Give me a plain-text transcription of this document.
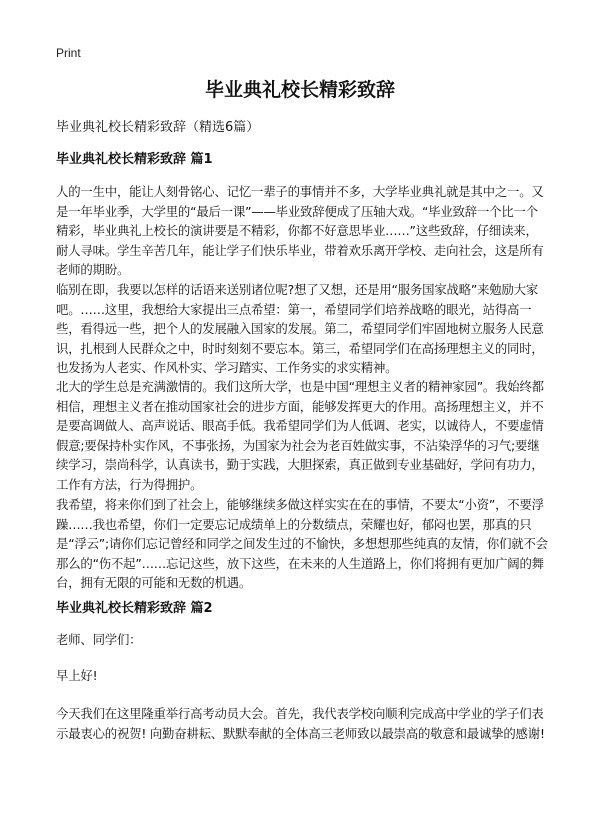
Print
毕业典礼校长精彩致辞
毕业典礼校长精彩致辞（精选6篇）
毕业典礼校长精彩致辞 篇1

人的一生中，能让人刻骨铭心、记忆一辈子的事情并不多，大学毕业典礼就是其中之一。又是一年毕业季，大学里的“最后一课”——毕业致辞便成了压轴大戏。“毕业致辞一个比一个精彩，毕业典礼上校长的演讲要是不精彩，你都不好意思毕业……”这些致辞，仔细读来，耐人寻味。学生辛苦几年，能让学子们快乐毕业，带着欢乐离开学校、走向社会，这是所有老师的期盼。

临别在即，我要以怎样的话语来送别诸位呢?想了又想，还是用“服务国家战略”来勉励大家吧。……这里，我想给大家提出三点希望：第一，希望同学们培养战略的眼光，站得高一些，看得远一些，把个人的发展融入国家的发展。第二，希望同学们牢固地树立服务人民意识，扎根到人民群众之中，时时刻刻不要忘本。第三，希望同学们在高扬理想主义的同时，也发扬为人老实、作风朴实、学习踏实、工作务实的求实精神。

北大的学生总是充满激情的。我们这所大学，也是中国“理想主义者的精神家园”。我始终都相信，理想主义者在推动国家社会的进步方面，能够发挥更大的作用。高扬理想主义，并不是要高调做人、高声说话、眼高手低。我希望同学们为人低调、老实，以诚待人，不要虚情假意;要保持朴实作风，不事张扬，为国家为社会为老百姓做实事，不沾染浮华的习气;要继续学习，崇尚科学，认真读书，勤于实践，大胆探索，真正做到专业基础好，学问有功力，工作有方法，行为得拥护。

我希望，将来你们到了社会上，能够继续多做这样实实在在的事情，不要太“小资”，不要浮躁……我也希望，你们一定要忘记成绩单上的分数绩点，荣耀也好，郁闷也罢，那真的只是“浮云”;请你们忘记曾经和同学之间发生过的不愉快，多想想那些纯真的友情，你们就不会那么的“伤不起”……忘记这些，放下这些，在未来的人生道路上，你们将拥有更加广阔的舞台，拥有无限的可能和无数的机遇。

毕业典礼校长精彩致辞 篇2

老师、同学们：

早上好!

今天我们在这里隆重举行高考动员大会。首先，我代表学校向顺利完成高中学业的学子们表示最衷心的祝贺! 向勤奋耕耘、默默奉献的全体高三老师致以最崇高的敬意和最诚挚的感谢!
